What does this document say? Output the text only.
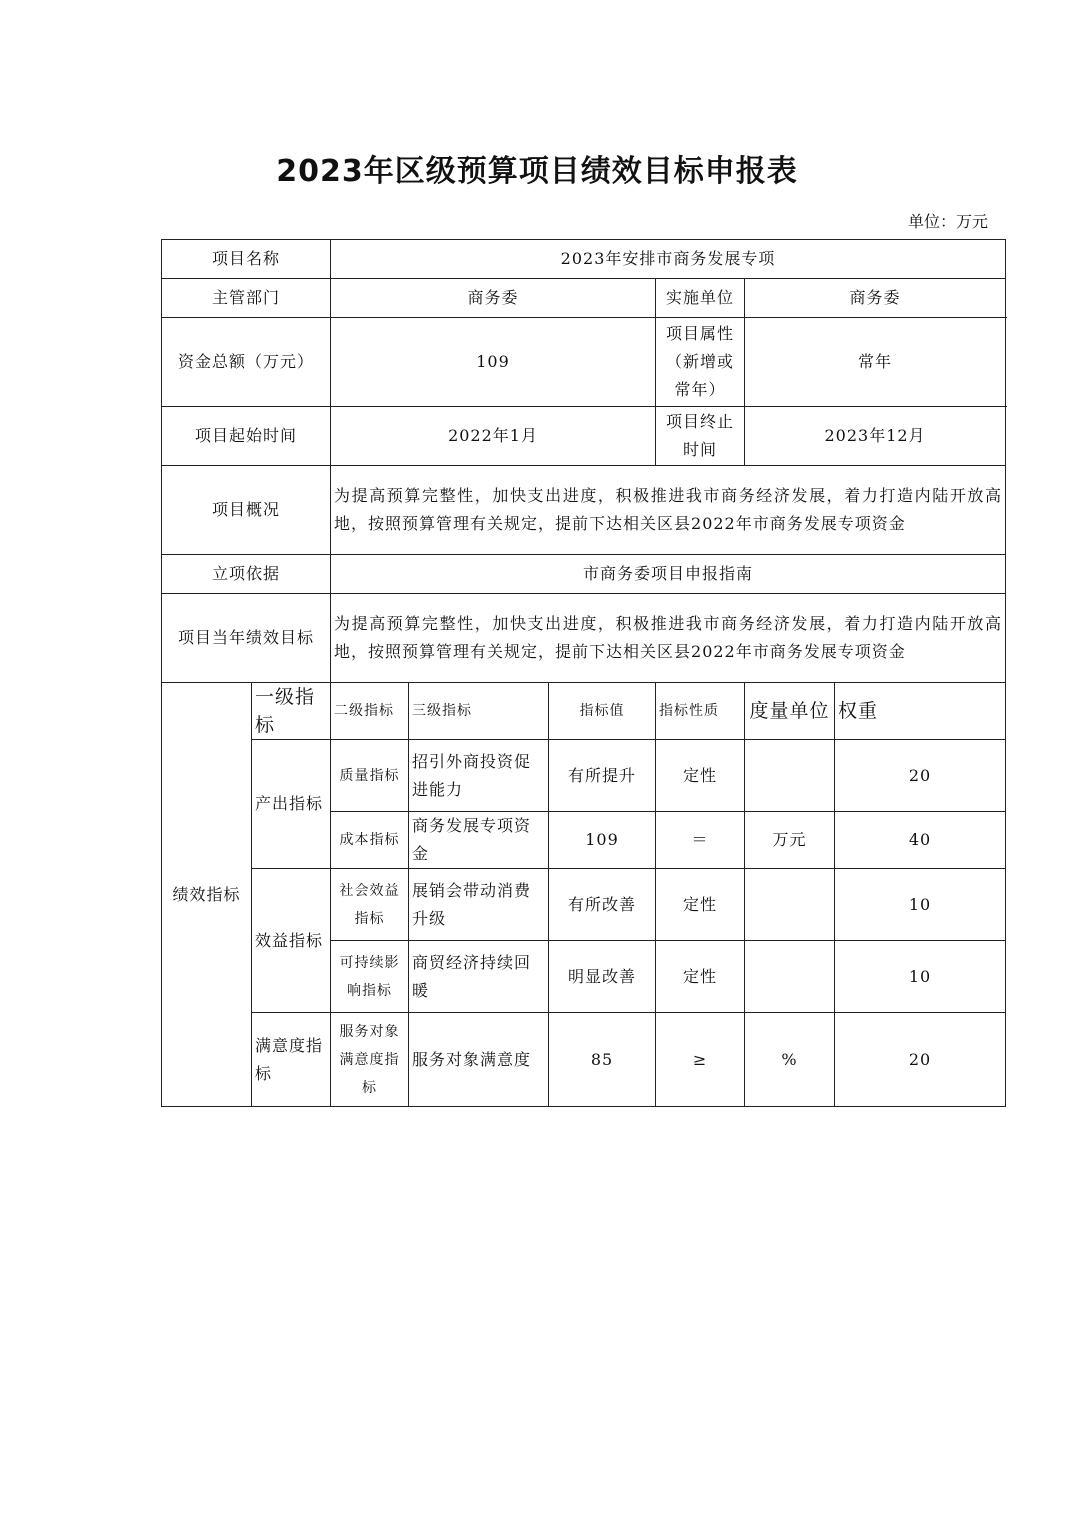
2023年区级预算项目绩效目标申报表
单位：万元
项目名称		2023年安排市商务发展专项					
主管部门		商务委			实施单位	商务委	
资金总额（万元）		109			项目属性（新增或常年）	常年	
项目起始时间		2022年1月			项目终止时间	2023年12月	
项目概况		为提高预算完整性，加快支出进度，积极推进我市商务经济发展，着力打造内陆开放高地，按照预算管理有关规定，提前下达相关区县2022年市商务发展专项资金					
立项依据		市商务委项目申报指南					
项目当年绩效目标		为提高预算完整性，加快支出进度，积极推进我市商务经济发展，着力打造内陆开放高地，按照预算管理有关规定，提前下达相关区县2022年市商务发展专项资金					
绩效指标	一级指标	二级指标	三级指标	指标值	指标性质	度量单位	权重
	产出指标	质量指标	招引外商投资促进能力	有所提升	定性		20
		成本指标	商务发展专项资金	109	＝	万元	40
	效益指标	社会效益指标	展销会带动消费升级	有所改善	定性		10
		可持续影响指标	商贸经济持续回暖	明显改善	定性		10
	满意度指标	服务对象满意度指标	服务对象满意度	85	≥	%	20
